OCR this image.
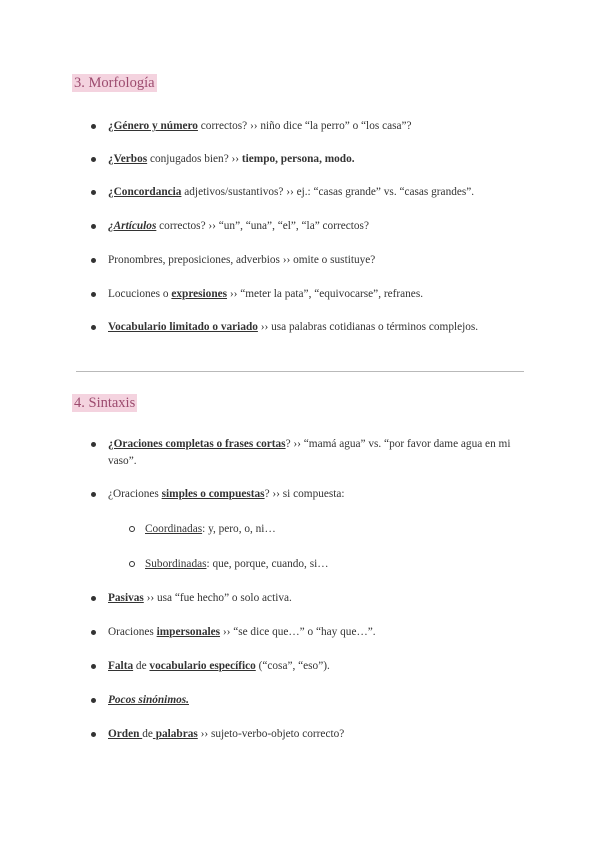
3. Morfología
¿Género y número correctos? ›› niño dice “la perro” o “los casa”?
¿Verbos conjugados bien? ›› tiempo, persona, modo.
¿Concordancia adjetivos/sustantivos? ›› ej.: “casas grande” vs. “casas grandes”.
¿Artículos correctos? ›› “un”, “una”, “el”, “la” correctos?
Pronombres, preposiciones, adverbios ›› omite o sustituye?
Locuciones o expresiones ›› “meter la pata”, “equivocarse”, refranes.
Vocabulario limitado o variado ›› usa palabras cotidianas o términos complejos.
4. Sintaxis
¿Oraciones completas o frases cortas? ›› “mamá agua” vs. “por favor dame agua en mi vaso”.
¿Oraciones simples o compuestas? ›› si compuesta:
Coordinadas: y, pero, o, ni…
Subordinadas: que, porque, cuando, si…
Pasivas ›› usa “fue hecho” o solo activa.
Oraciones impersonales ›› “se dice que…” o “hay que…”.
Falta de vocabulario específico (“cosa”, “eso”).
Pocos sinónimos.
Orden de palabras ›› sujeto-verbo-objeto correcto?
